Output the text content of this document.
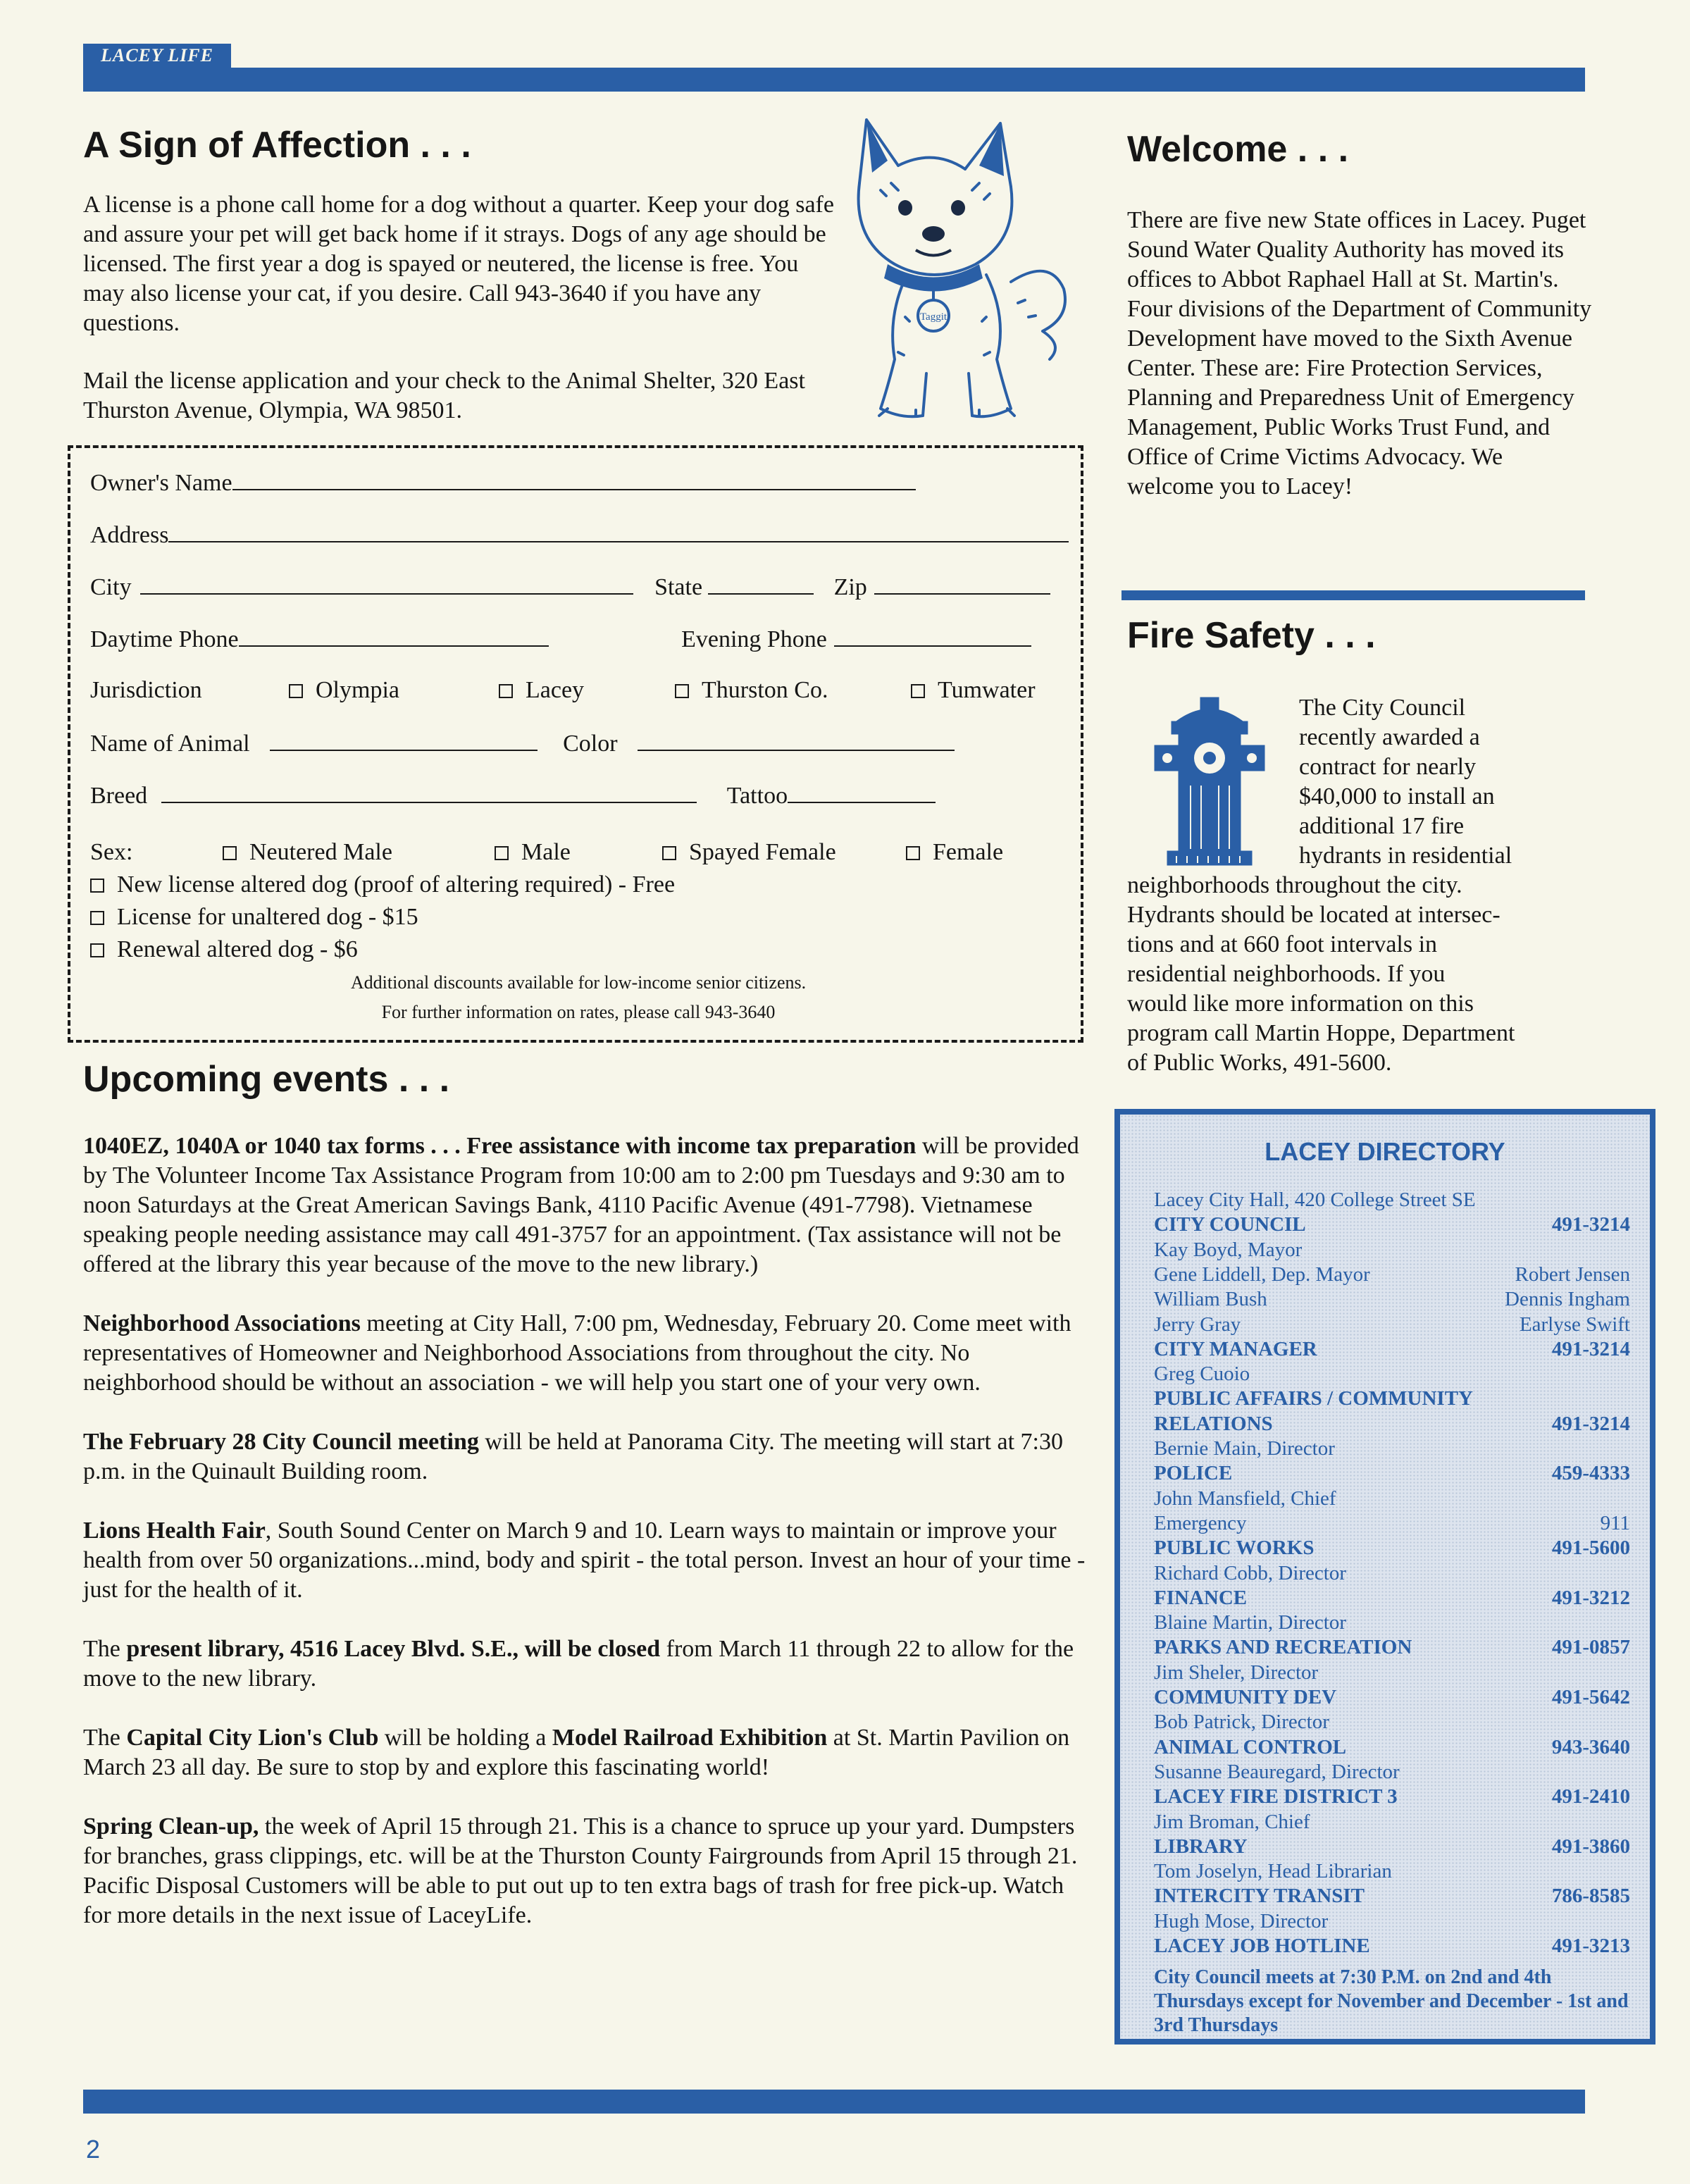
LACEY LIFE
A Sign of Affection . . .

A license is a phone call home for a dog without a quarter. Keep your dog safe and assure your pet will get back home if it strays. Dogs of any age should be licensed. The first year a dog is spayed or neutered, the license is free. You may also license your cat, if you desire. Call 943-3640 if you have any questions.

Mail the license application and your check to the Animal Shelter, 320 East Thurston Avenue, Olympia, WA 98501.

Taggit
Owner's Name
Address
City	State	Zip
Daytime Phone	Evening Phone
Jurisdiction	Olympia	Lacey	Thurston Co.	Tumwater
Name of Animal	Color
Breed	Tattoo
Sex:	Neutered Male	Male	Spayed Female	Female
New license altered dog (proof of altering required) - Free
License for unaltered dog - $15
Renewal altered dog - $6
Additional discounts available for low-income senior citizens.
For further information on rates, please call 943-3640
Upcoming events . . .

1040EZ, 1040A or 1040 tax forms . . . Free assistance with income tax preparation will be provided by The Volunteer Income Tax Assistance Program from 10:00 am to 2:00 pm Tuesdays and 9:30 am to noon Saturdays at the Great American Savings Bank, 4110 Pacific Avenue (491-7798). Vietnamese speaking people needing assistance may call 491-3757 for an appointment. (Tax assistance will not be offered at the library this year because of the move to the new library.)

Neighborhood Associations meeting at City Hall, 7:00 pm, Wednesday, February 20. Come meet with representatives of Homeowner and Neighborhood Associations from throughout the city. No neighborhood should be without an association - we will help you start one of your very own.

The February 28 City Council meeting will be held at Panorama City. The meeting will start at 7:30 p.m. in the Quinault Building room.

Lions Health Fair, South Sound Center on March 9 and 10. Learn ways to maintain or improve your health from over 50 organizations...mind, body and spirit - the total person. Invest an hour of your time - just for the health of it.

The present library, 4516 Lacey Blvd. S.E., will be closed from March 11 through 22 to allow for the move to the new library.

The Capital City Lion's Club will be holding a Model Railroad Exhibition at St. Martin Pavilion on March 23 all day. Be sure to stop by and explore this fascinating world!

Spring Clean-up, the week of April 15 through 21. This is a chance to spruce up your yard. Dumpsters for branches, grass clippings, etc. will be at the Thurston County Fairgrounds from April 15 through 21. Pacific Disposal Customers will be able to put out up to ten extra bags of trash for free pick-up. Watch for more details in the next issue of LaceyLife.

Welcome . . .
There are five new State offices in Lacey. Puget Sound Water Quality Authority has moved its offices to Abbot Raphael Hall at St. Martin's. Four divisions of the Department of Community Development have moved to the Sixth Avenue Center. These are: Fire Protection Services, Planning and Preparedness Unit of Emergency Management, Public Works Trust Fund, and Office of Crime Victims Advocacy. We welcome you to Lacey!
Fire Safety . . .
The City Council
recently awarded a
contract for nearly
$40,000 to install an
additional 17 fire
hydrants in residential
neighborhoods throughout the city.
Hydrants should be located at intersec-
tions and at 660 foot intervals in
residential neighborhoods. If you
would like more information on this
program call Martin Hoppe, Department
of Public Works, 491-5600.
LACEY DIRECTORY
Lacey City Hall, 420 College Street SE
CITY COUNCIL	491-3214
Kay Boyd, Mayor
Gene Liddell, Dep. Mayor	Robert Jensen
William Bush	Dennis Ingham
Jerry Gray	Earlyse Swift
CITY MANAGER	491-3214
Greg Cuoio
PUBLIC AFFAIRS / COMMUNITY
RELATIONS	491-3214
Bernie Main, Director
POLICE	459-4333
John Mansfield, Chief
Emergency	911
PUBLIC WORKS	491-5600
Richard Cobb, Director
FINANCE	491-3212
Blaine Martin, Director
PARKS AND RECREATION	491-0857
Jim Sheler, Director
COMMUNITY DEV	491-5642
Bob Patrick, Director
ANIMAL CONTROL	943-3640
Susanne Beauregard, Director
LACEY FIRE DISTRICT 3	491-2410
Jim Broman, Chief
LIBRARY	491-3860
Tom Joselyn, Head Librarian
INTERCITY TRANSIT	786-8585
Hugh Mose, Director
LACEY JOB HOTLINE	491-3213
City Council meets at 7:30 P.M. on 2nd and 4th Thursdays except for November and December - 1st and 3rd Thursdays
2
